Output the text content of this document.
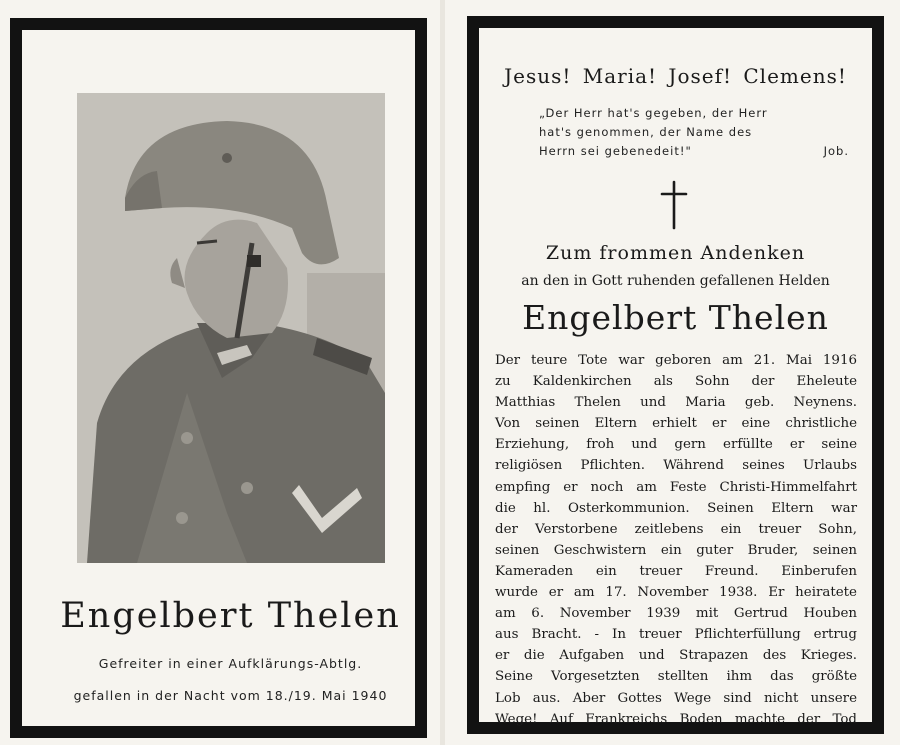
Engelbert Thelen
Gefreiter in einer Aufklärungs-Abtlg.
gefallen in der Nacht vom 18./19. Mai 1940
Jesus! Maria! Josef! Clemens!
„Der Herr hat's gegeben, der Herr
hat's genommen, der Name des
Herrn sei gebenedeit!"	Job.
Zum frommen Andenken
an den in Gott ruhenden gefallenen Helden
Engelbert Thelen
Der teure Tote war geboren am 21. Mai 1916
zu Kaldenkirchen als Sohn der Eheleute
Matthias Thelen und Maria geb. Neynens.
Von seinen Eltern erhielt er eine christliche
Erziehung, froh und gern erfüllte er seine
religiösen Pflichten. Während seines Urlaubs
empfing er noch am Feste Christi-Himmelfahrt
die hl. Osterkommunion. Seinen Eltern war
der Verstorbene zeitlebens ein treuer Sohn,
seinen Geschwistern ein guter Bruder, seinen
Kameraden ein treuer Freund. Einberufen
wurde er am 17. November 1938. Er heiratete
am 6. November 1939 mit Gertrud Houben
aus Bracht. - In treuer Pflichterfüllung ertrug
er die Aufgaben und Strapazen des Krieges.
Seine Vorgesetzten stellten ihm das größte
Lob aus. Aber Gottes Wege sind nicht unsere
Wege! Auf Frankreichs Boden machte der Tod
